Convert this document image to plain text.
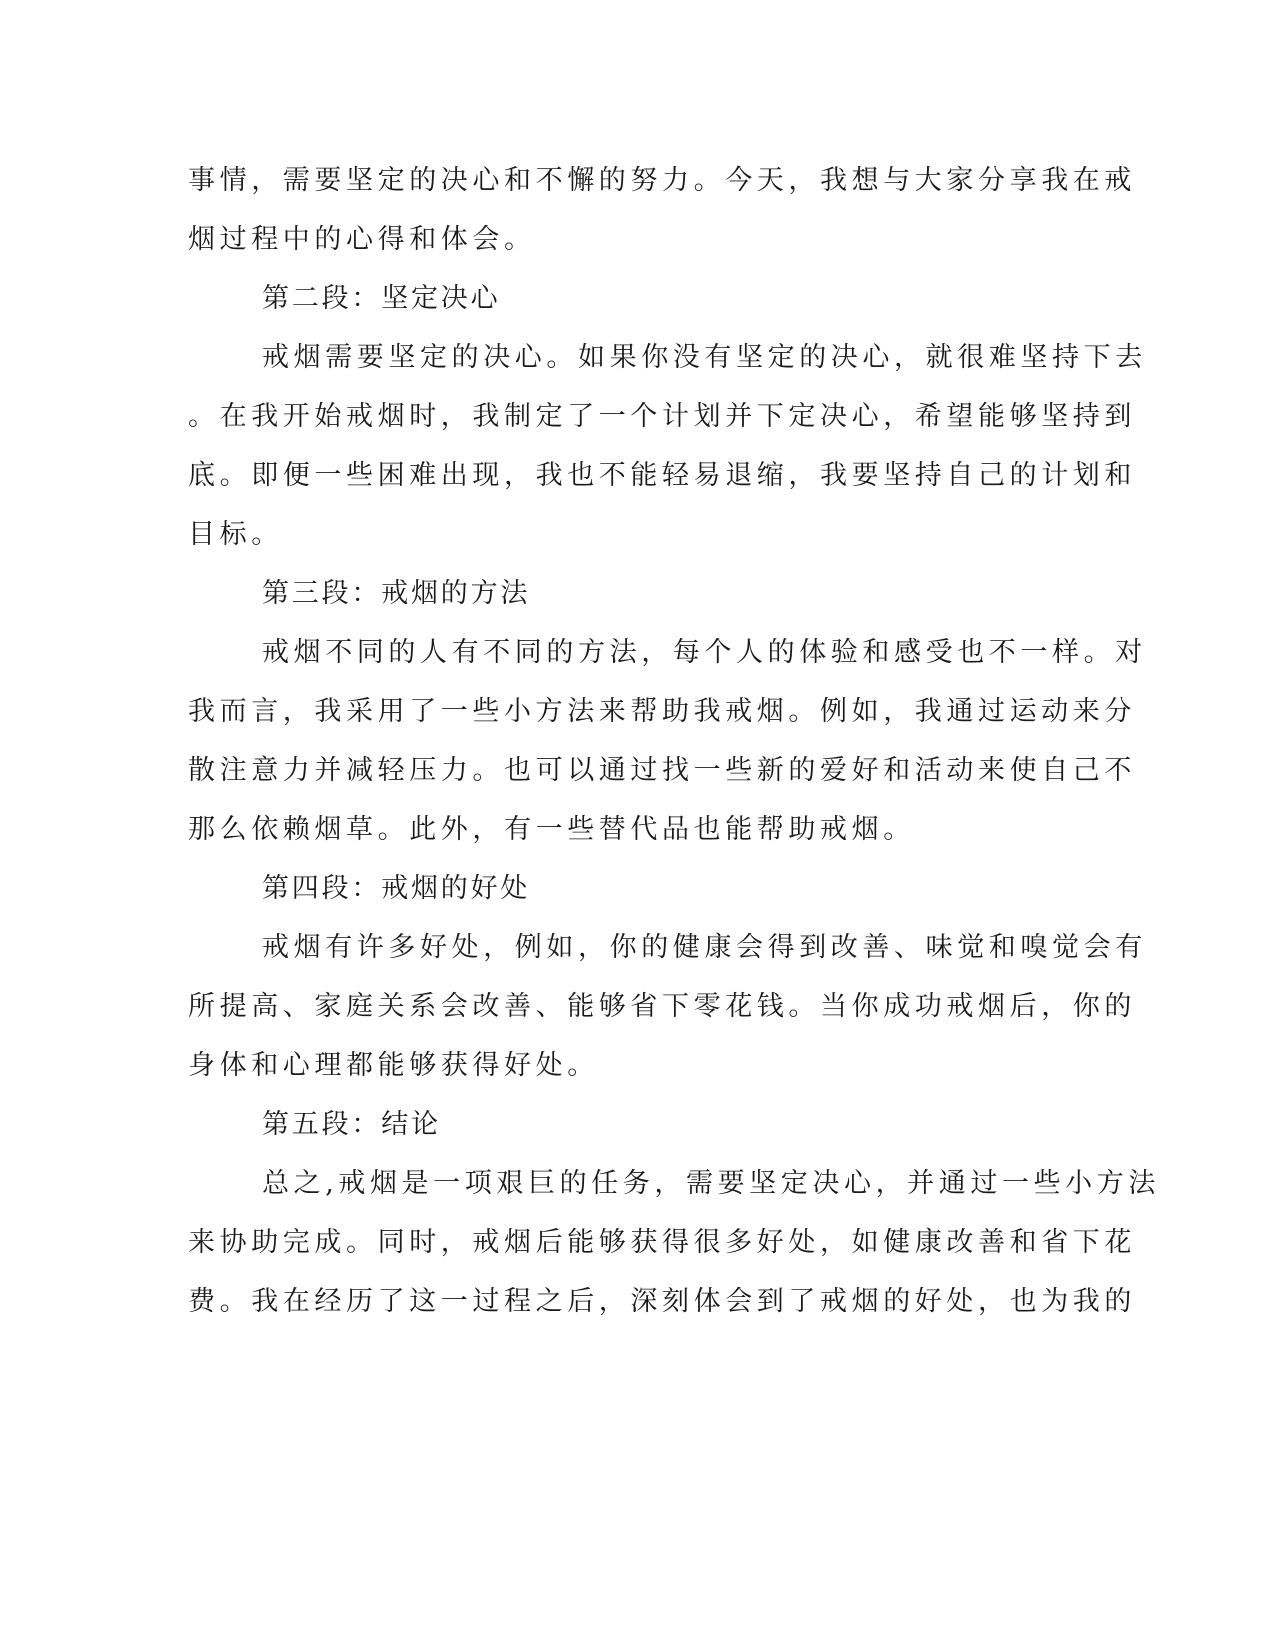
事情，需要坚定的决心和不懈的努力。今天，我想与大家分享我在戒
烟过程中的心得和体会。
第二段：坚定决心
戒烟需要坚定的决心。如果你没有坚定的决心，就很难坚持下去
。在我开始戒烟时，我制定了一个计划并下定决心，希望能够坚持到
底。即便一些困难出现，我也不能轻易退缩，我要坚持自己的计划和
目标。
第三段：戒烟的方法
戒烟不同的人有不同的方法，每个人的体验和感受也不一样。对
我而言，我采用了一些小方法来帮助我戒烟。例如，我通过运动来分
散注意力并减轻压力。也可以通过找一些新的爱好和活动来使自己不
那么依赖烟草。此外，有一些替代品也能帮助戒烟。
第四段：戒烟的好处
戒烟有许多好处，例如，你的健康会得到改善、味觉和嗅觉会有
所提高、家庭关系会改善、能够省下零花钱。当你成功戒烟后，你的
身体和心理都能够获得好处。
第五段：结论
总之,戒烟是一项艰巨的任务，需要坚定决心，并通过一些小方法
来协助完成。同时，戒烟后能够获得很多好处，如健康改善和省下花
费。我在经历了这一过程之后，深刻体会到了戒烟的好处，也为我的
